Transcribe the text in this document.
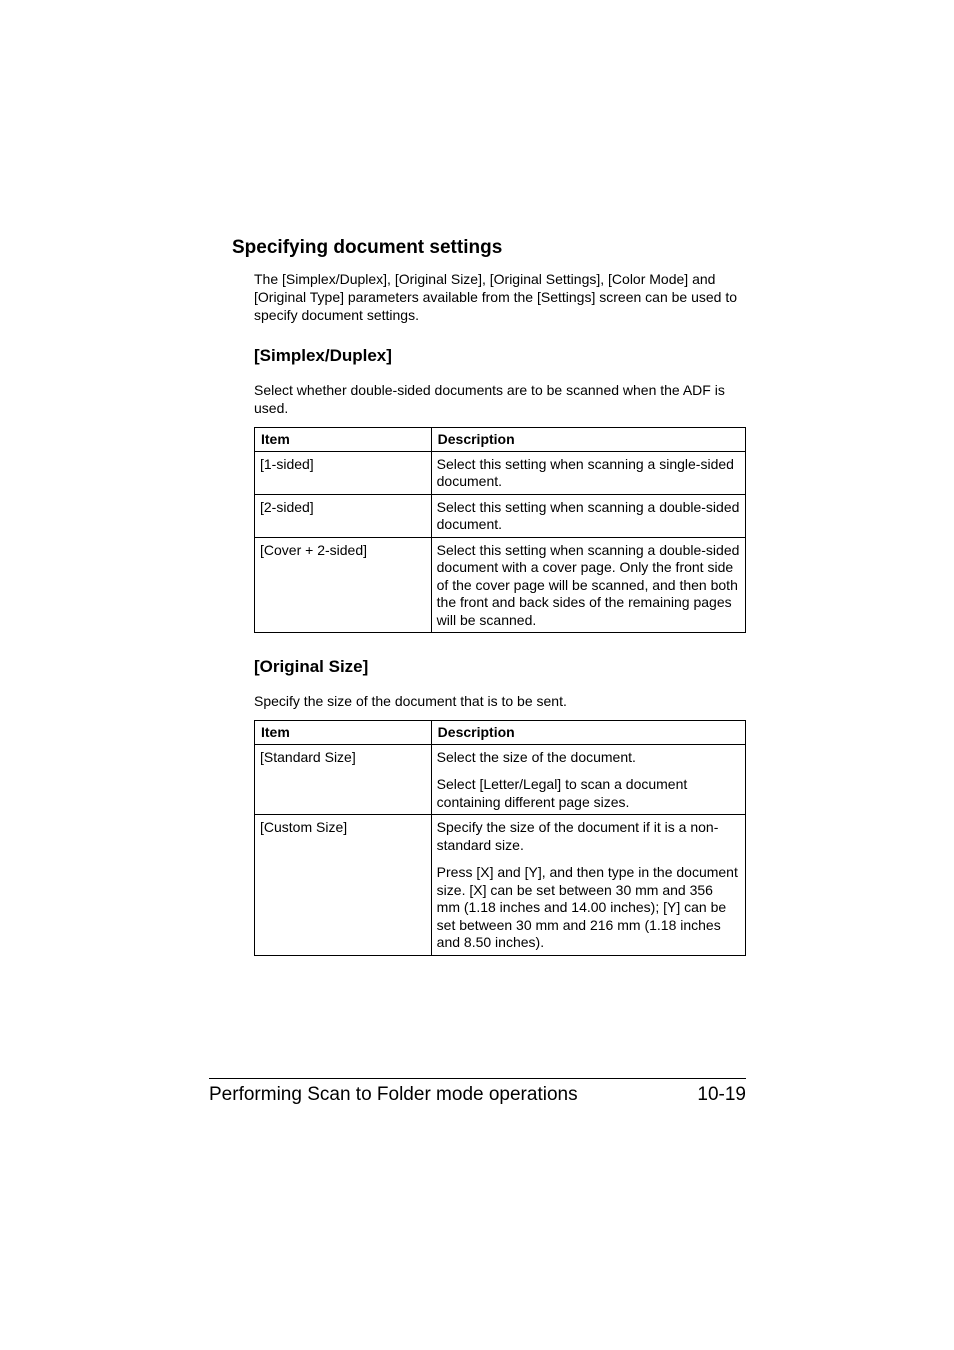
Specifying document settings

The [Simplex/Duplex], [Original Size], [Original Settings], [Color Mode] and [Original Type] parameters available from the [Settings] screen can be used to specify document settings.

[Simplex/Duplex]

Select whether double-sided documents are to be scanned when the ADF is used.

Item	Description
[1-sided]	Select this setting when scanning a single-sided document.

[2-sided]	Select this setting when scanning a double-sided document.

[Cover + 2-sided]	Select this setting when scanning a double-sided document with a cover page. Only the front side of the cover page will be scanned, and then both the front and back sides of the remaining pages will be scanned.

[Original Size]

Specify the size of the document that is to be sent.

Item	Description
[Standard Size]	Select the size of the document.

Select [Letter/Legal] to scan a document containing different page sizes.

[Custom Size]	Specify the size of the document if it is a non-standard size.

Press [X] and [Y], and then type in the document size. [X] can be set between 30 mm and 356 mm (1.18 inches and 14.00 inches); [Y] can be set between 30 mm and 216 mm (1.18 inches and 8.50 inches).

Performing Scan to Folder mode operations	10-19
